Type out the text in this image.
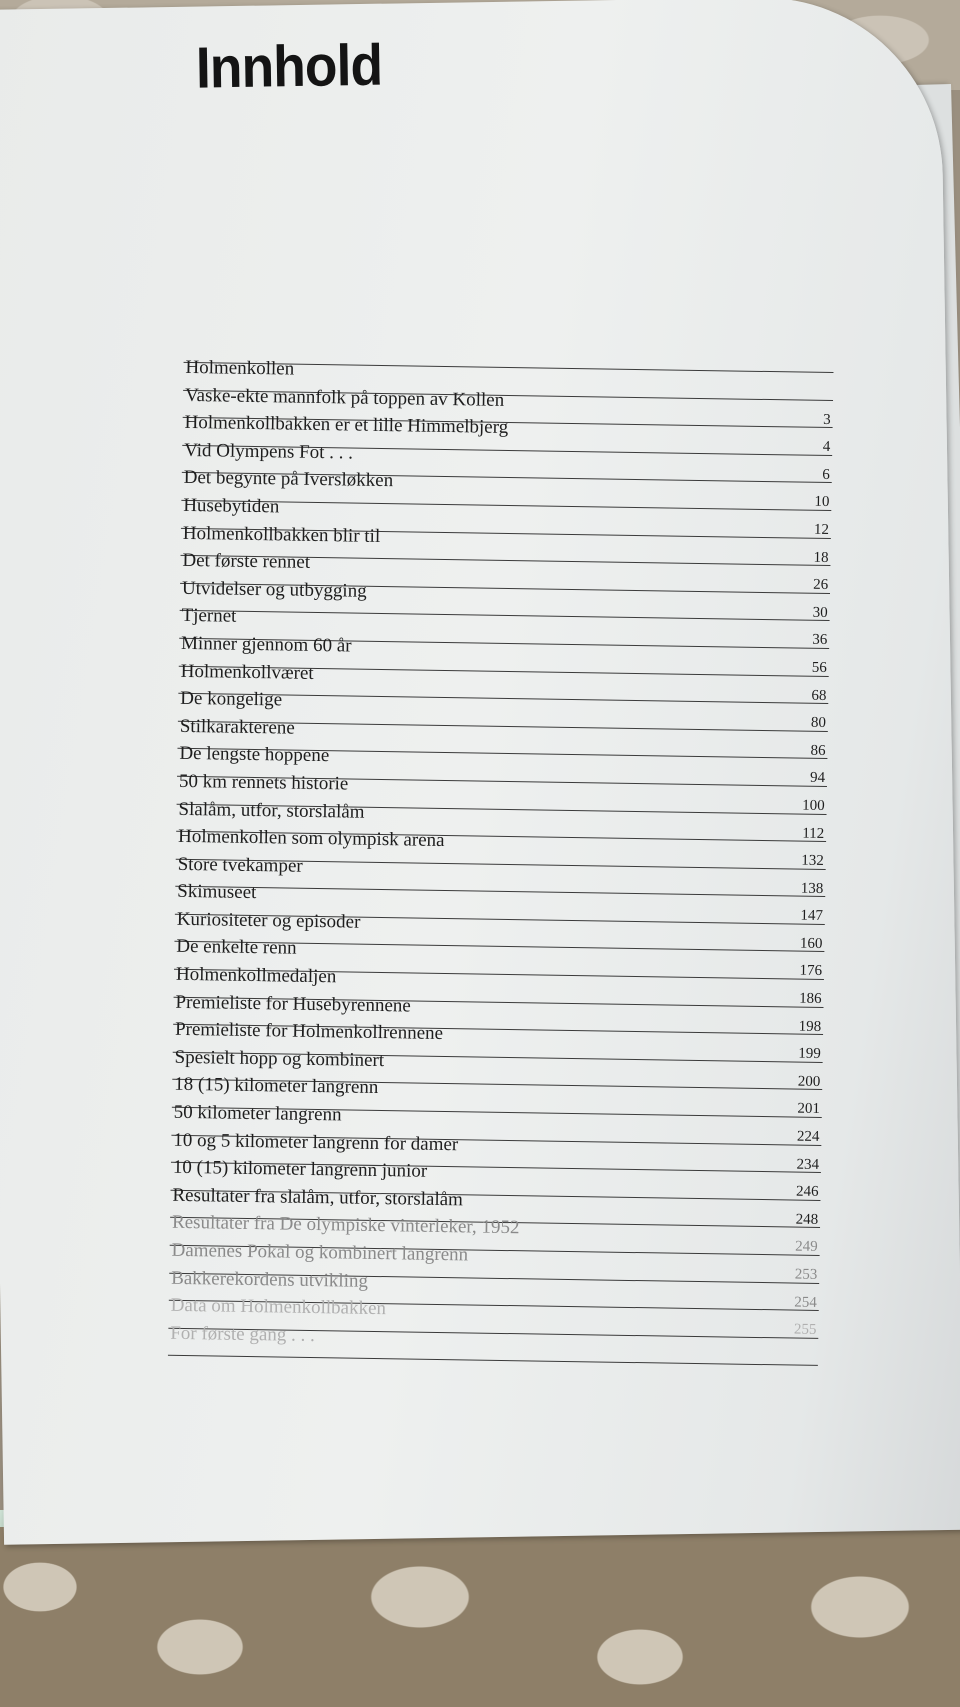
Innhold
Holmenkollen
Vaske-ekte mannfolk på toppen av Kollen
3
Holmenkollbakken er et lille Himmelbjerg
4
Vid Olympens Fot . . .
6
Det begynte på Iversløkken
10
Husebytiden
12
Holmenkollbakken blir til
18
Det første rennet
26
Utvidelser og utbygging
30
Tjernet
36
Minner gjennom 60 år
56
Holmenkollværet
68
De kongelige
80
Stilkarakterene
86
De lengste hoppene
94
50 km rennets historie
100
Slalåm, utfor, storslalåm
112
Holmenkollen som olympisk arena
132
Store tvekamper
138
Skimuseet
147
Kuriositeter og episoder
160
De enkelte renn
176
Holmenkollmedaljen
186
Premieliste for Husebyrennene
198
Premieliste for Holmenkollrennene
199
Spesielt hopp og kombinert
200
18 (15) kilometer langrenn
201
50 kilometer langrenn
224
10 og 5 kilometer langrenn for damer
234
10 (15) kilometer langrenn junior
246
Resultater fra slalåm, utfor, storslalåm
248
Resultater fra De olympiske vinterleker, 1952
249
Damenes Pokal og kombinert langrenn
253
Bakkerekordens utvikling
254
Data om Holmenkollbakken
255
For første gang . . .
